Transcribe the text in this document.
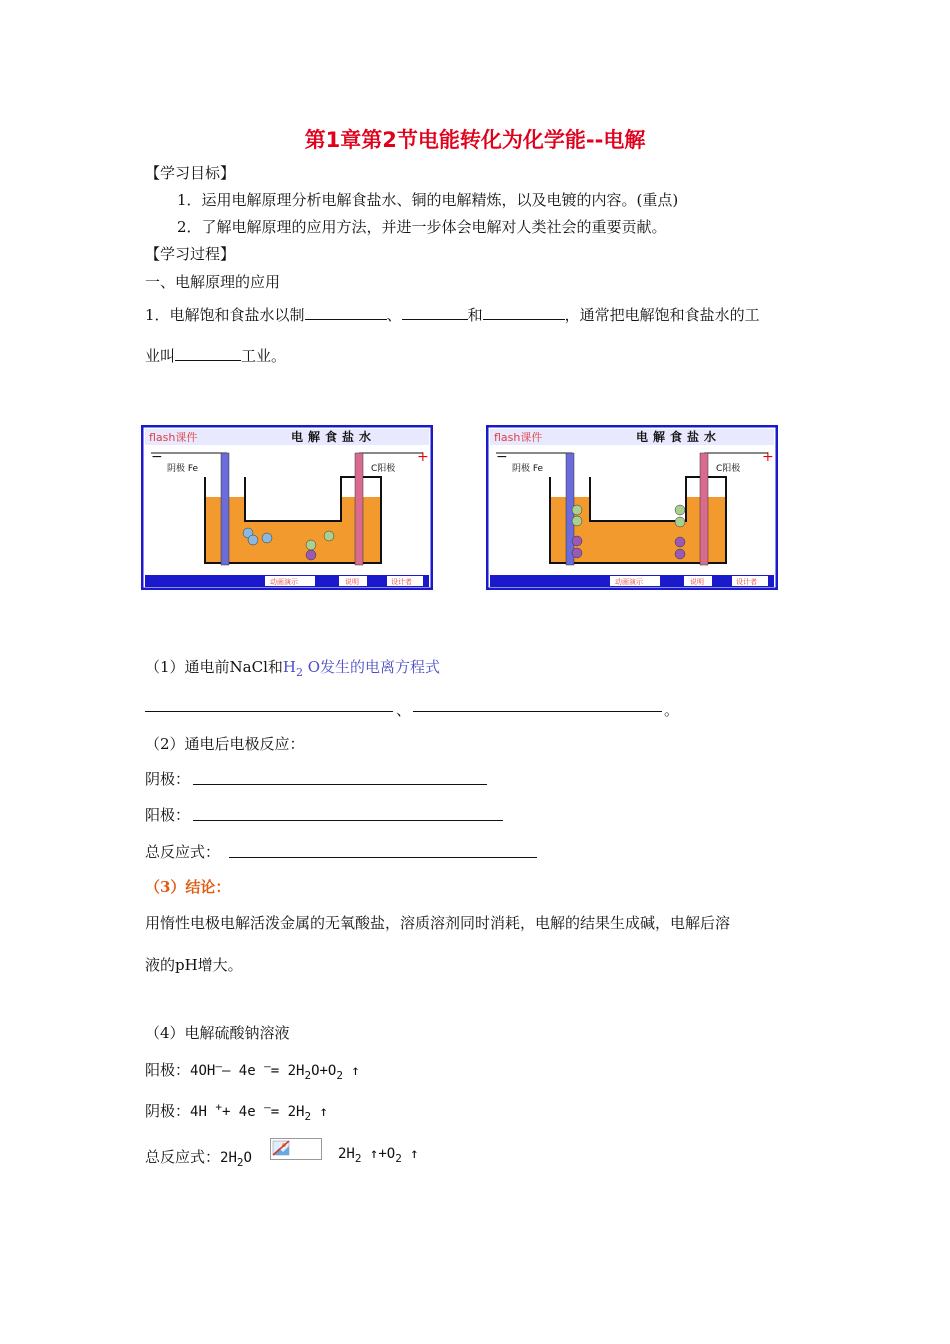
第1章第2节电能转化为化学能--电解
【学习目标】
1．运用电解原理分析电解食盐水、铜的电解精炼，以及电镀的内容。(重点)
2．了解电解原理的应用方法，并进一步体会电解对人类社会的重要贡献。
【学习过程】
一、电解原理的应用
1．电解饱和食盐水以制	、	和	，通常把电解饱和食盐水的工
业叫	工业。
flash课件	电解食盐水
−	+
阴极 Fe	C阳极
动画演示	说明	设计者
flash课件	电解食盐水
−	+
阴极 Fe	C阳极
动画演示	说明	设计者
（1）通电前NaCl和$H_2$ O发生的电离方程式
、	。
（2）通电后电极反应：
阴极：
阳极：
总反应式：
（3）结论：
用惰性电极电解活泼金属的无氧酸盐，溶质溶剂同时消耗，电解的结果生成碱，电解后溶
液的pH增大。
（4）电解硫酸钠溶液
阳极：4OH—— 4e $^—= 2H_2O+O_2$ ↑
阴极：4H ++ 4e $^—= 2H_2$ ↑
总反应式：$2H_2O$	$2H_2$ $↑+O_2$ ↑
